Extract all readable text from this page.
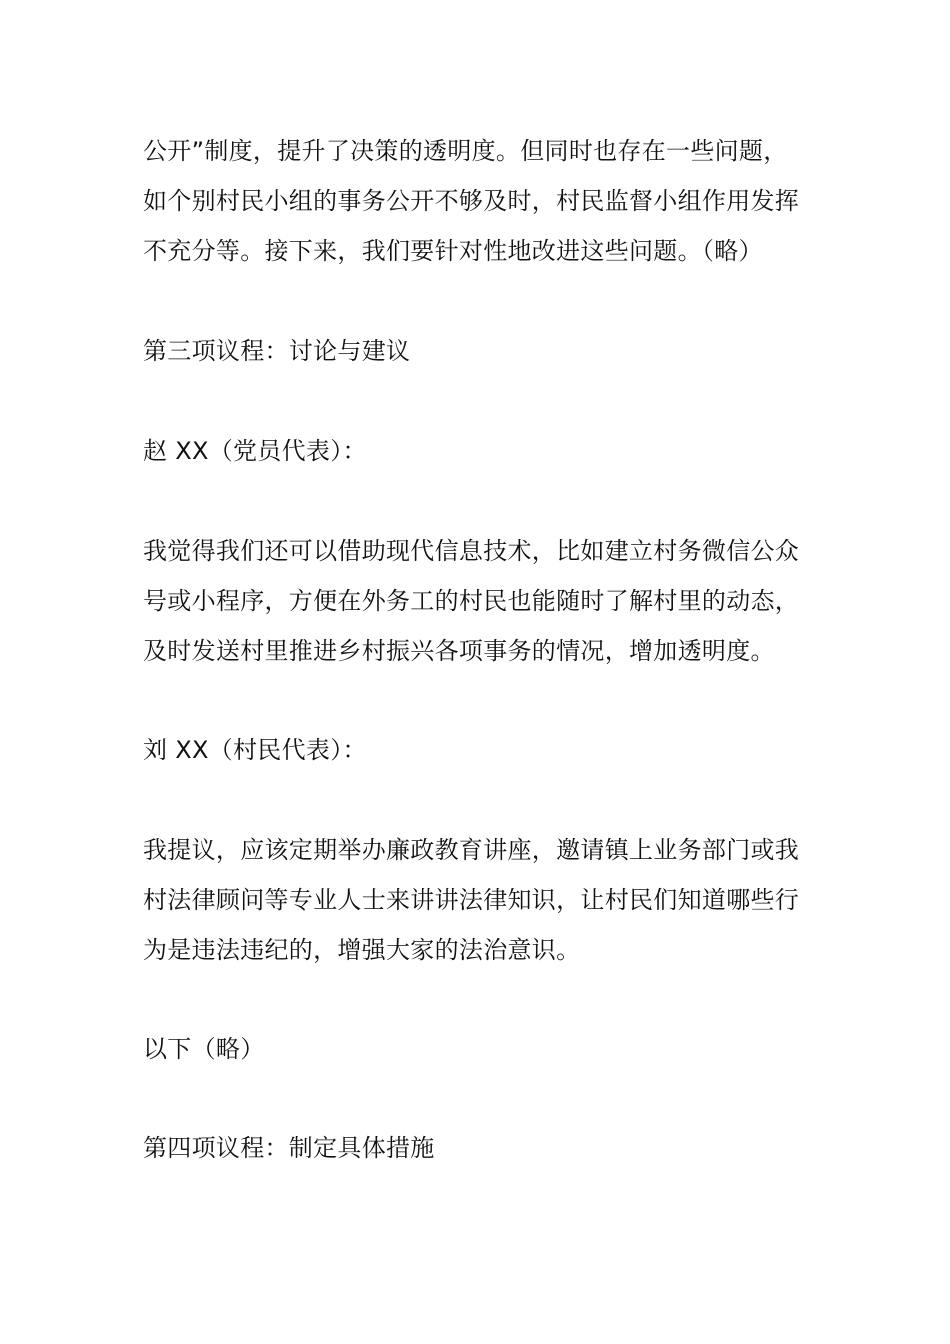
公开”制度，提升了决策的透明度。但同时也存在一些问题，
如个别村民小组的事务公开不够及时，村民监督小组作用发挥
不充分等。接下来，我们要针对性地改进这些问题。（略）
第三项议程：讨论与建议
赵 XX（党员代表）：
我觉得我们还可以借助现代信息技术，比如建立村务微信公众
号或小程序，方便在外务工的村民也能随时了解村里的动态，
及时发送村里推进乡村振兴各项事务的情况，增加透明度。
刘 XX（村民代表）：
我提议，应该定期举办廉政教育讲座，邀请镇上业务部门或我
村法律顾问等专业人士来讲讲法律知识，让村民们知道哪些行
为是违法违纪的，增强大家的法治意识。
以下（略）
第四项议程：制定具体措施
